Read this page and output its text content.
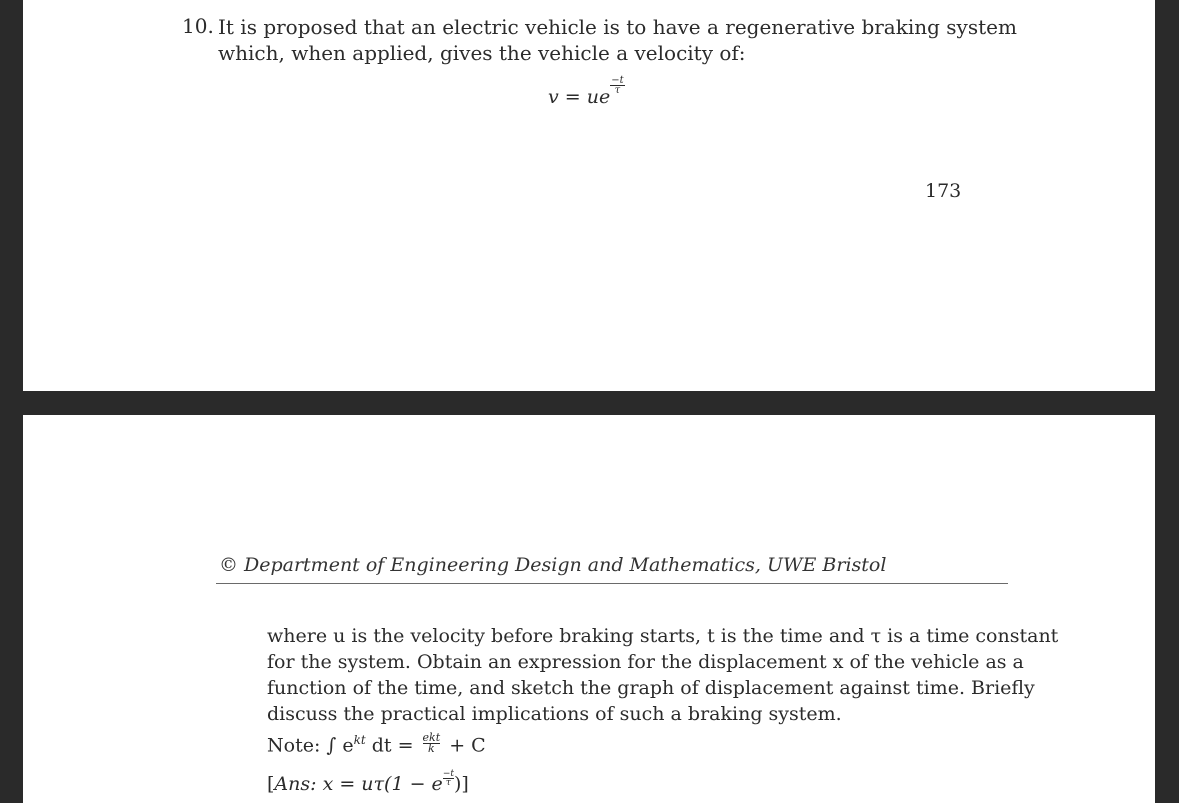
10. It is proposed that an electric vehicle is to have a regenerative braking system
which, when applied, gives the vehicle a velocity of:
v = ue
$\frac{-t}{\tau}$
173
© Department of Engineering Design and Mathematics, UWE Bristol
where u is the velocity before braking starts, t is the time and τ is a time constant
for the system. Obtain an expression for the displacement x of the vehicle as a
function of the time, and sketch the graph of displacement against time. Briefly
discuss the practical implications of such a braking system.
Note: ∫ $e^{kt}$ dt = $\frac{\text{ekt}}{k} + C$
[Ans: x = uτ(1 − e $\frac{-t}{\tau}$ )]
